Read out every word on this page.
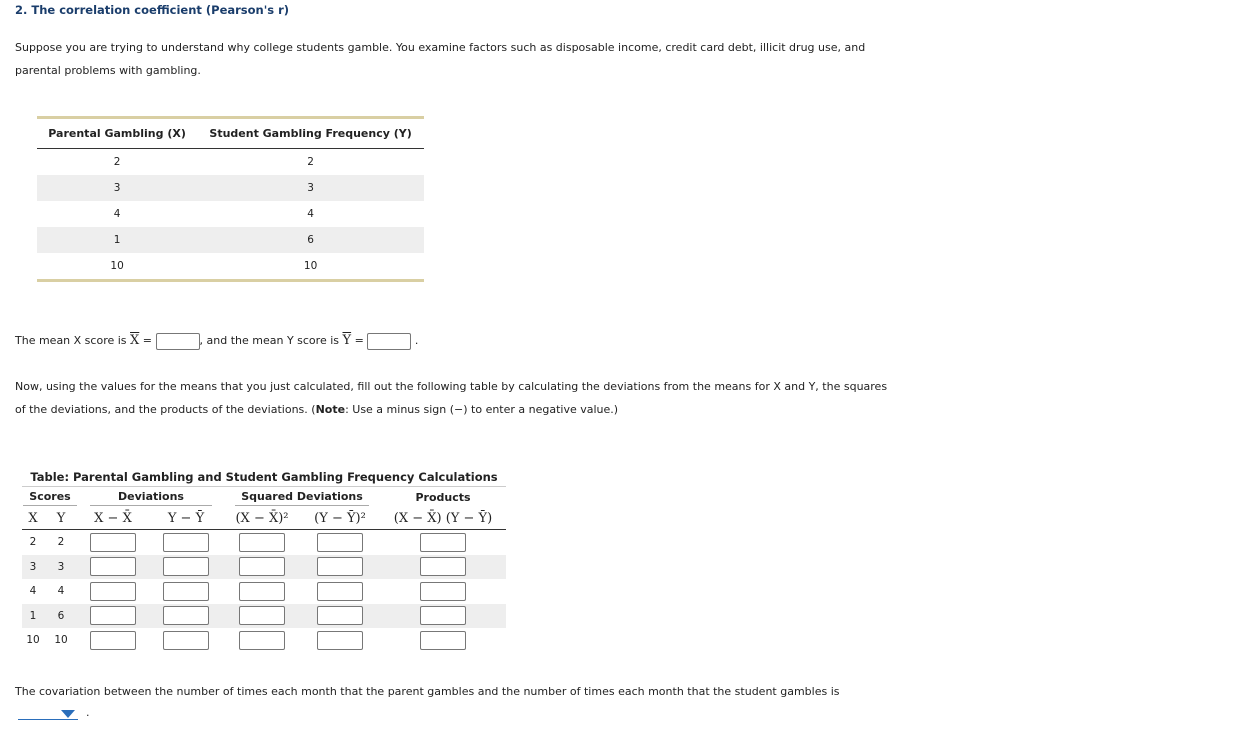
2. The correlation coefficient (Pearson's r)
Suppose you are trying to understand why college students gamble. You examine factors such as disposable income, credit card debt, illicit drug use, and parental problems with gambling.
Parental Gambling (X)	Student Gambling Frequency (Y)
2	2
3	3
4	4
1	6
10	10
The mean X score is $\overline{X}$ =	, and the mean Y score is $\overline{Y}$ =	.
Now, using the values for the means that you just calculated, fill out the following table by calculating the deviations from the means for X and Y, the squares of the deviations, and the products of the deviations. (Note: Use a minus sign (−) to enter a negative value.)
Table: Parental Gambling and Student Gambling Frequency Calculations						
Scores		Deviations		Squared Deviations		Products
X	Y	X − X̄	Y − Ȳ	(X − X̄)²	(Y − Ȳ)²	(X − X̄) (Y − Ȳ)
2	2					
3	3					
4	4					
1	6					
10	10					
The covariation between the number of times each month that the parent gambles and the number of times each month that the student gambles is
.
